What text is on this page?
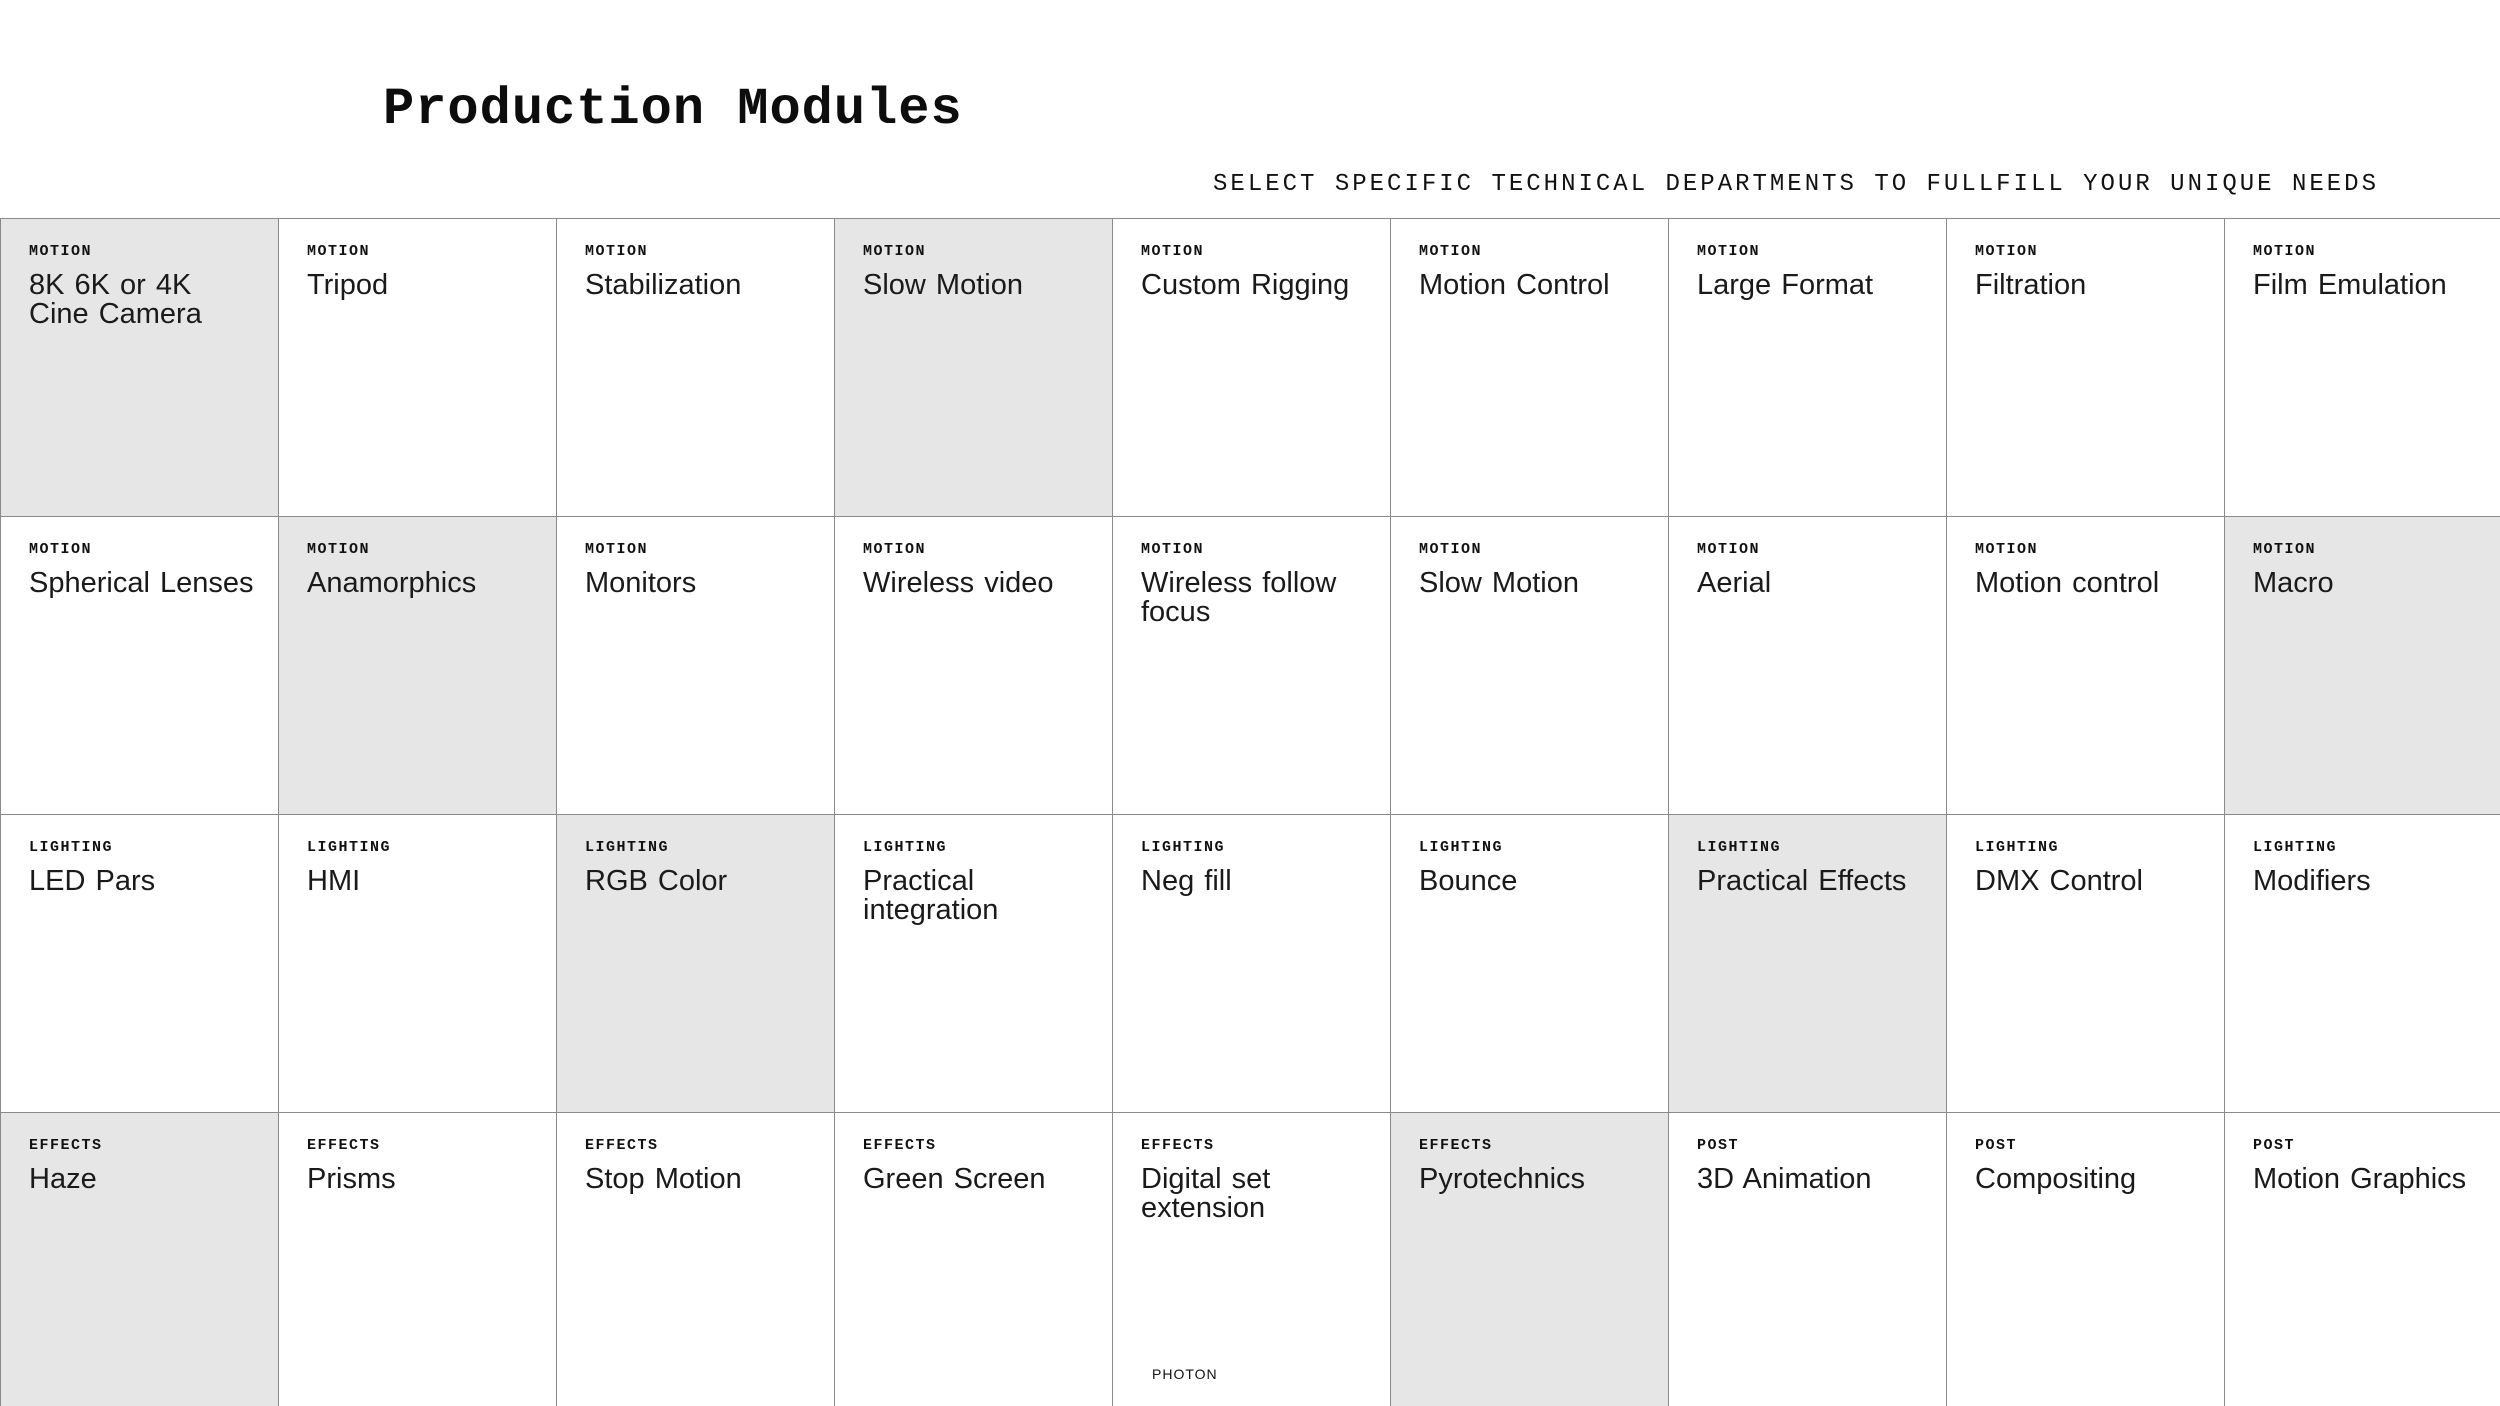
Production Modules

SELECT SPECIFIC TECHNICAL DEPARTMENTS TO FULLFILL YOUR UNIQUE NEEDS

MOTION
8K 6K or 4K Cine Camera
MOTION
Tripod
MOTION
Stabilization
MOTION
Slow Motion
MOTION
Custom Rigging
MOTION
Motion Control
MOTION
Large Format
MOTION
Filtration
MOTION
Film Emulation
MOTION
Spherical Lenses
MOTION
Anamorphics
MOTION
Monitors
MOTION
Wireless video
MOTION
Wireless follow focus
MOTION
Slow Motion
MOTION
Aerial
MOTION
Motion control
MOTION
Macro
LIGHTING
LED Pars
LIGHTING
HMI
LIGHTING
RGB Color
LIGHTING
Practical integration
LIGHTING
Neg fill
LIGHTING
Bounce
LIGHTING
Practical Effects
LIGHTING
DMX Control
LIGHTING
Modifiers
EFFECTS
Haze
EFFECTS
Prisms
EFFECTS
Stop Motion
EFFECTS
Green Screen
EFFECTS
Digital set extension
EFFECTS
Pyrotechnics
POST
3D Animation
POST
Compositing
POST
Motion Graphics
PHOTON
